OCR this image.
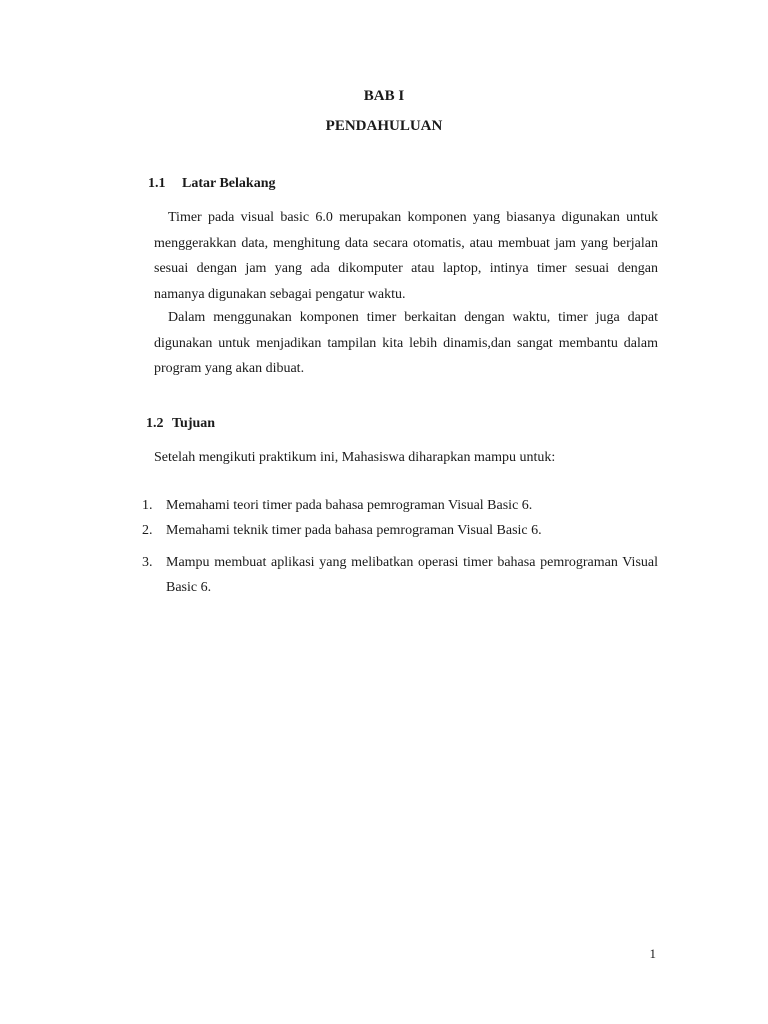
BAB I
PENDAHULUAN
1.1 Latar Belakang
Timer pada visual basic 6.0 merupakan komponen yang biasanya digunakan untuk menggerakkan data, menghitung data secara otomatis, atau membuat jam yang berjalan sesuai dengan jam yang ada dikomputer atau laptop, intinya timer sesuai dengan namanya digunakan sebagai pengatur waktu.
Dalam menggunakan komponen timer berkaitan dengan waktu, timer juga dapat digunakan untuk menjadikan tampilan kita lebih dinamis,dan sangat membantu dalam program yang akan dibuat.
1.2 Tujuan
Setelah mengikuti praktikum ini, Mahasiswa diharapkan mampu untuk:
1. Memahami teori timer pada bahasa pemrograman Visual Basic 6.
2. Memahami teknik timer pada bahasa pemrograman Visual Basic 6.
3. Mampu membuat aplikasi yang melibatkan operasi timer bahasa pemrograman Visual Basic 6.
1
